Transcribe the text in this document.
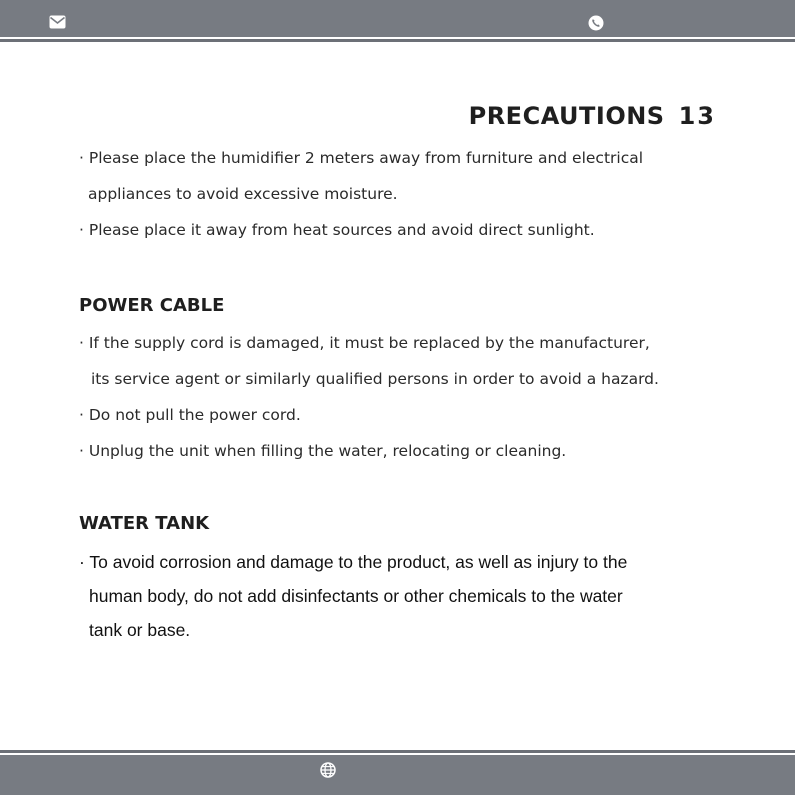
PRECAUTIONS 13

· Please place the humidifier 2 meters away from furniture and electrical

appliances to avoid excessive moisture.

· Please place it away from heat sources and avoid direct sunlight.

POWER CABLE

· If the supply cord is damaged, it must be replaced by the manufacturer,

its service agent or similarly qualified persons in order to avoid a hazard.

· Do not pull the power cord.

· Unplug the unit when filling the water, relocating or cleaning.

WATER TANK

· To avoid corrosion and damage to the product, as well as injury to the

human body, do not add disinfectants or other chemicals to the water

tank or base.
